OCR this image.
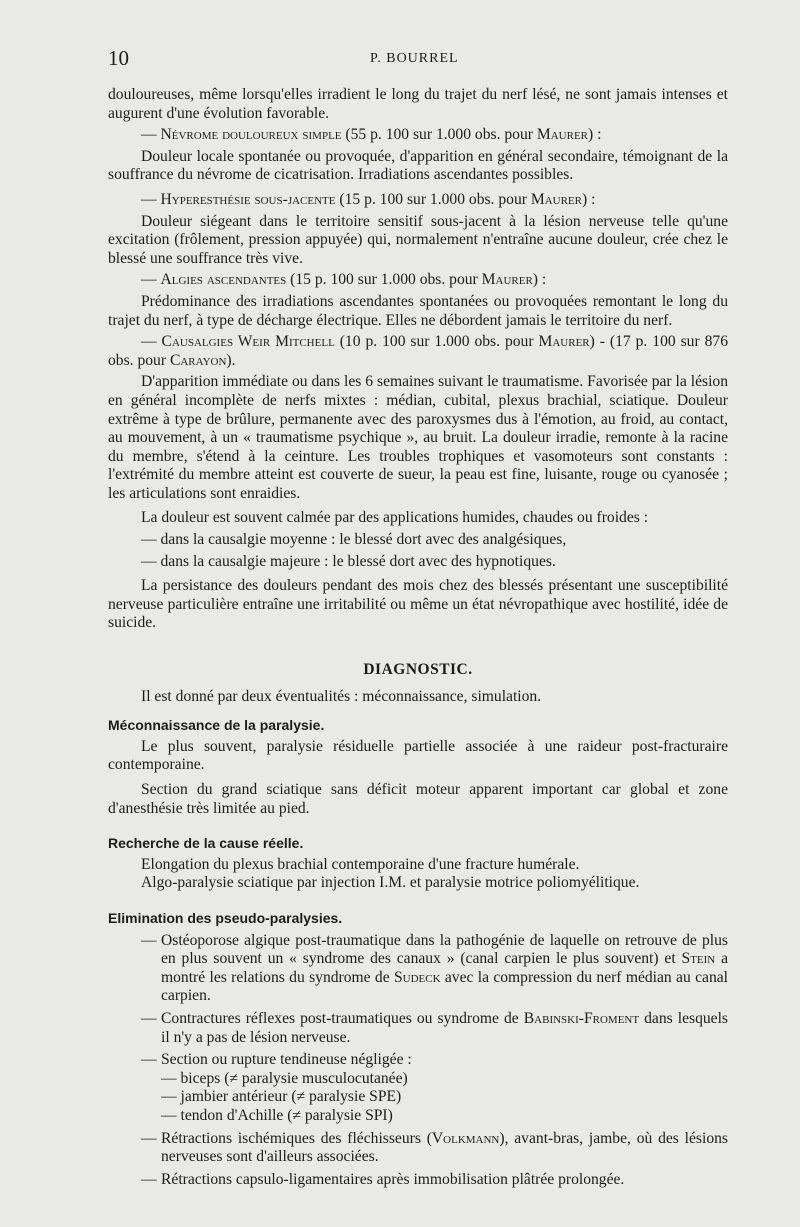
10	P. BOURREL

douloureuses, même lorsqu'elles irradient le long du trajet du nerf lésé, ne sont jamais intenses et augurent d'une évolution favorable.

— Névrome douloureux simple (55 p. 100 sur 1.000 obs. pour Maurer) :

Douleur locale spontanée ou provoquée, d'apparition en général secondaire, témoignant de la souffrance du névrome de cicatrisation. Irradiations ascendantes possibles.

— Hyperesthésie sous-jacente (15 p. 100 sur 1.000 obs. pour Maurer) :

Douleur siégeant dans le territoire sensitif sous-jacent à la lésion nerveuse telle qu'une excitation (frôlement, pression appuyée) qui, normalement n'entraîne aucune douleur, crée chez le blessé une souffrance très vive.

— Algies ascendantes (15 p. 100 sur 1.000 obs. pour Maurer) :

Prédominance des irradiations ascendantes spontanées ou provoquées remontant le long du trajet du nerf, à type de décharge électrique. Elles ne débordent jamais le territoire du nerf.

— Causalgies Weir Mitchell (10 p. 100 sur 1.000 obs. pour Maurer) - (17 p. 100 sur 876 obs. pour Carayon).

D'apparition immédiate ou dans les 6 semaines suivant le traumatisme. Favorisée par la lésion en général incomplète de nerfs mixtes : médian, cubital, plexus brachial, sciatique. Douleur extrême à type de brûlure, permanente avec des paroxysmes dus à l'émotion, au froid, au contact, au mouvement, à un « traumatisme psychique », au bruit. La douleur irradie, remonte à la racine du membre, s'étend à la ceinture. Les troubles trophiques et vasomoteurs sont constants : l'extrémité du membre atteint est couverte de sueur, la peau est fine, luisante, rouge ou cyanosée ; les articulations sont enraidies.

La douleur est souvent calmée par des applications humides, chaudes ou froides :

— dans la causalgie moyenne : le blessé dort avec des analgésiques,

— dans la causalgie majeure : le blessé dort avec des hypnotiques.

La persistance des douleurs pendant des mois chez des blessés présentant une susceptibilité nerveuse particulière entraîne une irritabilité ou même un état névropathique avec hostilité, idée de suicide.

DIAGNOSTIC.

Il est donné par deux éventualités : méconnaissance, simulation.

Méconnaissance de la paralysie.

Le plus souvent, paralysie résiduelle partielle associée à une raideur post-fracturaire contemporaine.

Section du grand sciatique sans déficit moteur apparent important car global et zone d'anesthésie très limitée au pied.

Recherche de la cause réelle.

Elongation du plexus brachial contemporaine d'une fracture humérale.

Algo-paralysie sciatique par injection I.M. et paralysie motrice poliomyélitique.

Elimination des pseudo-paralysies.

— Ostéoporose algique post-traumatique dans la pathogénie de laquelle on retrouve de plus en plus souvent un « syndrome des canaux » (canal carpien le plus souvent) et Stein a montré les relations du syndrome de Sudeck avec la compression du nerf médian au canal carpien.

— Contractures réflexes post-traumatiques ou syndrome de Babinski-Froment dans lesquels il n'y a pas de lésion nerveuse.

— Section ou rupture tendineuse négligée :

— biceps (≠ paralysie musculocutanée)

— jambier antérieur (≠ paralysie SPE)

— tendon d'Achille (≠ paralysie SPI)

— Rétractions ischémiques des fléchisseurs (Volkmann), avant-bras, jambe, où des lésions nerveuses sont d'ailleurs associées.

— Rétractions capsulo-ligamentaires après immobilisation plâtrée prolongée.
